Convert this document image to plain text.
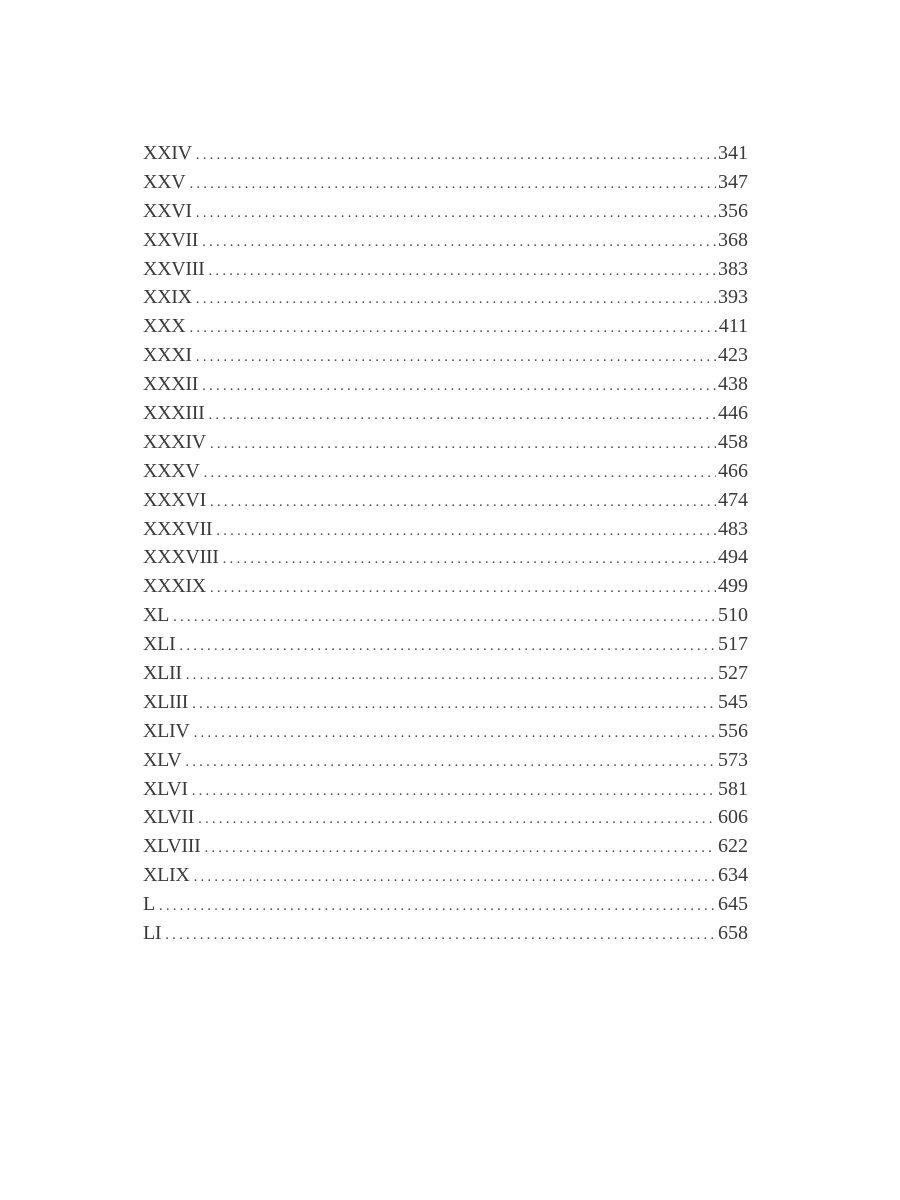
XXIV .....	341
XXV .....	347
XXVI .....	356
XXVII .....	368
XXVIII .....	383
XXIX .....	393
XXX .....	411
XXXI .....	423
XXXII .....	438
XXXIII .....	446
XXXIV .....	458
XXXV .....	466
XXXVI .....	474
XXXVII .....	483
XXXVIII .....	494
XXXIX .....	499
XL .....	510
XLI .....	517
XLII .....	527
XLIII .....	545
XLIV .....	556
XLV .....	573
XLVI .....	581
XLVII .....	606
XLVIII .....	622
XLIX .....	634
L .....	645
LI .....	658
